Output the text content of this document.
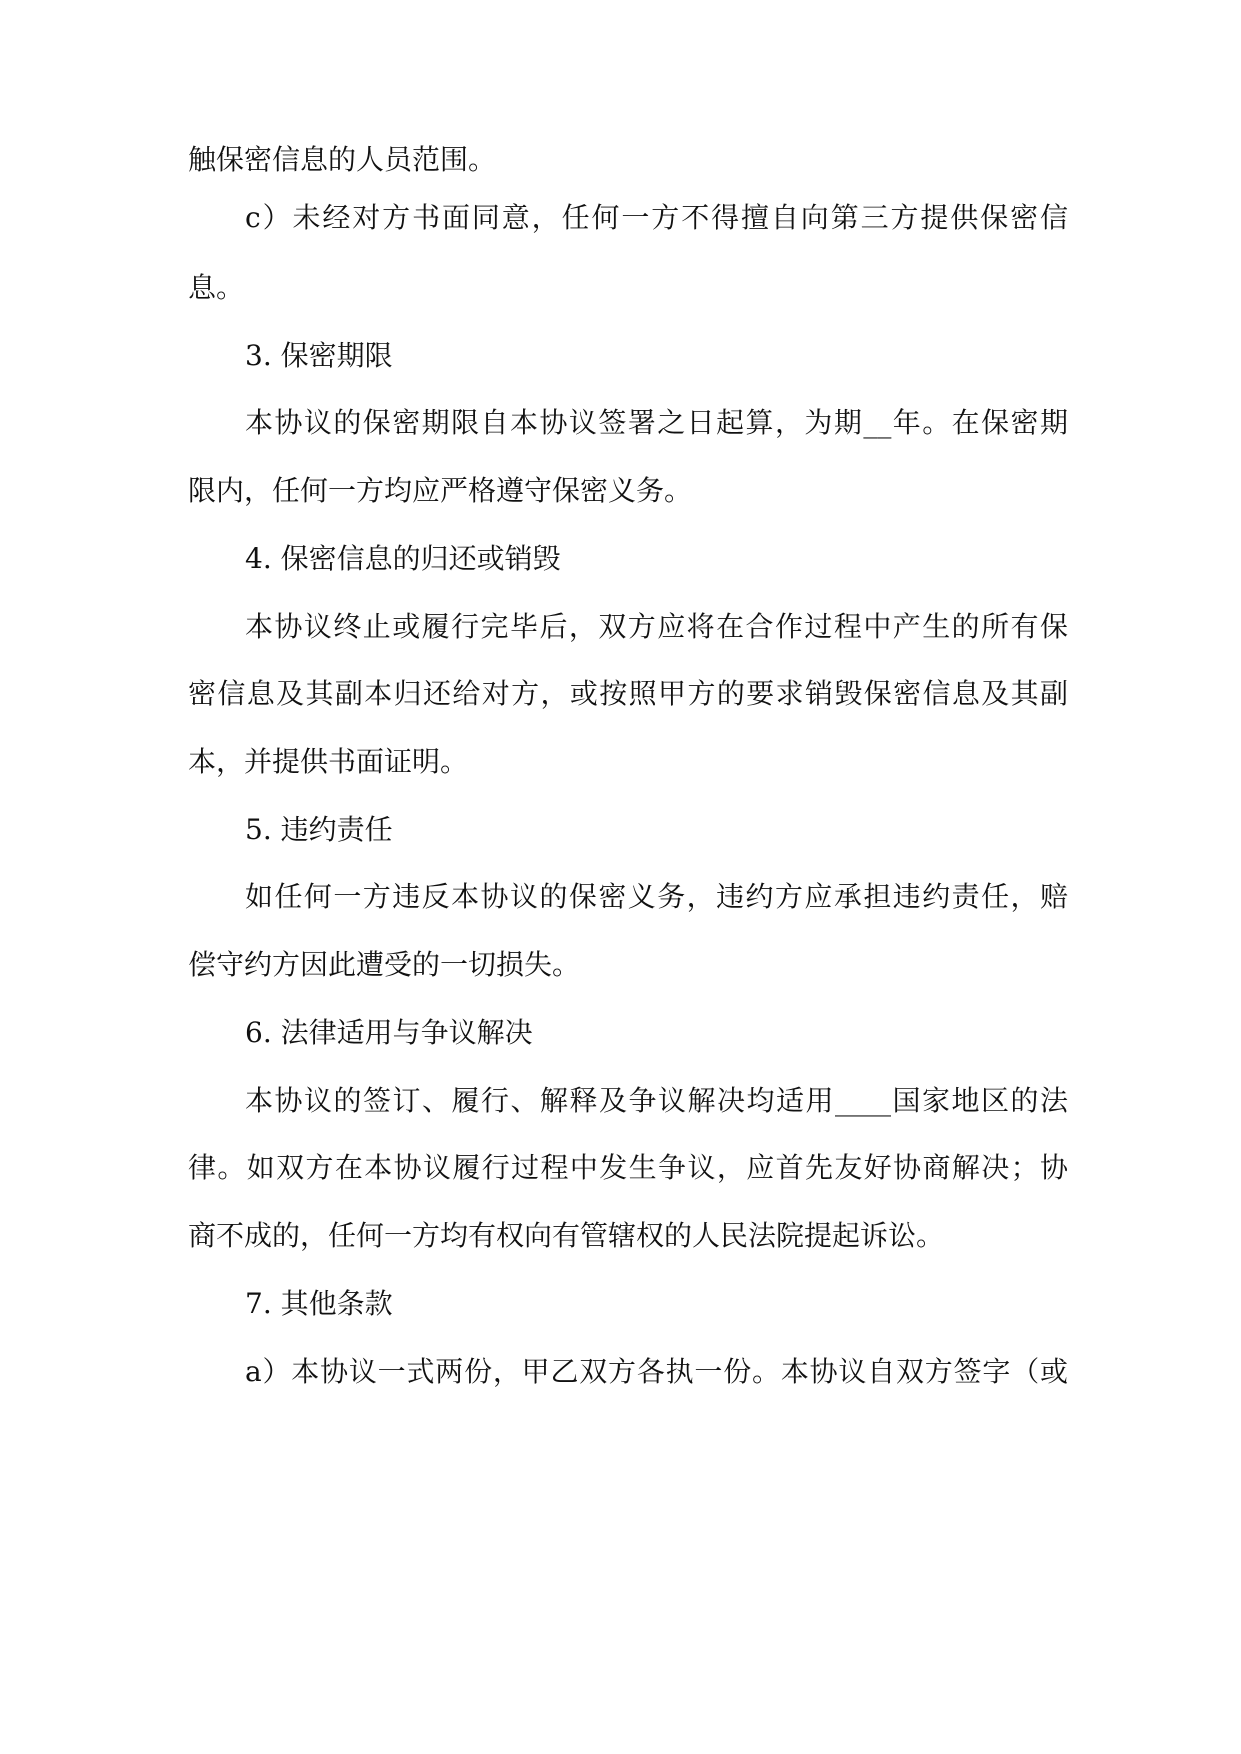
触保密信息的人员范围。
c）未经对方书面同意，任何一方不得擅自向第三方提供保密信
息。
3. 保密期限
本协议的保密期限自本协议签署之日起算，为期__年。在保密期
限内，任何一方均应严格遵守保密义务。
4. 保密信息的归还或销毁
本协议终止或履行完毕后，双方应将在合作过程中产生的所有保
密信息及其副本归还给对方，或按照甲方的要求销毁保密信息及其副
本，并提供书面证明。
5. 违约责任
如任何一方违反本协议的保密义务，违约方应承担违约责任，赔
偿守约方因此遭受的一切损失。
6. 法律适用与争议解决
本协议的签订、履行、解释及争议解决均适用____国家地区的法
律。如双方在本协议履行过程中发生争议，应首先友好协商解决；协
商不成的，任何一方均有权向有管辖权的人民法院提起诉讼。
7. 其他条款
a）本协议一式两份，甲乙双方各执一份。本协议自双方签字（或
